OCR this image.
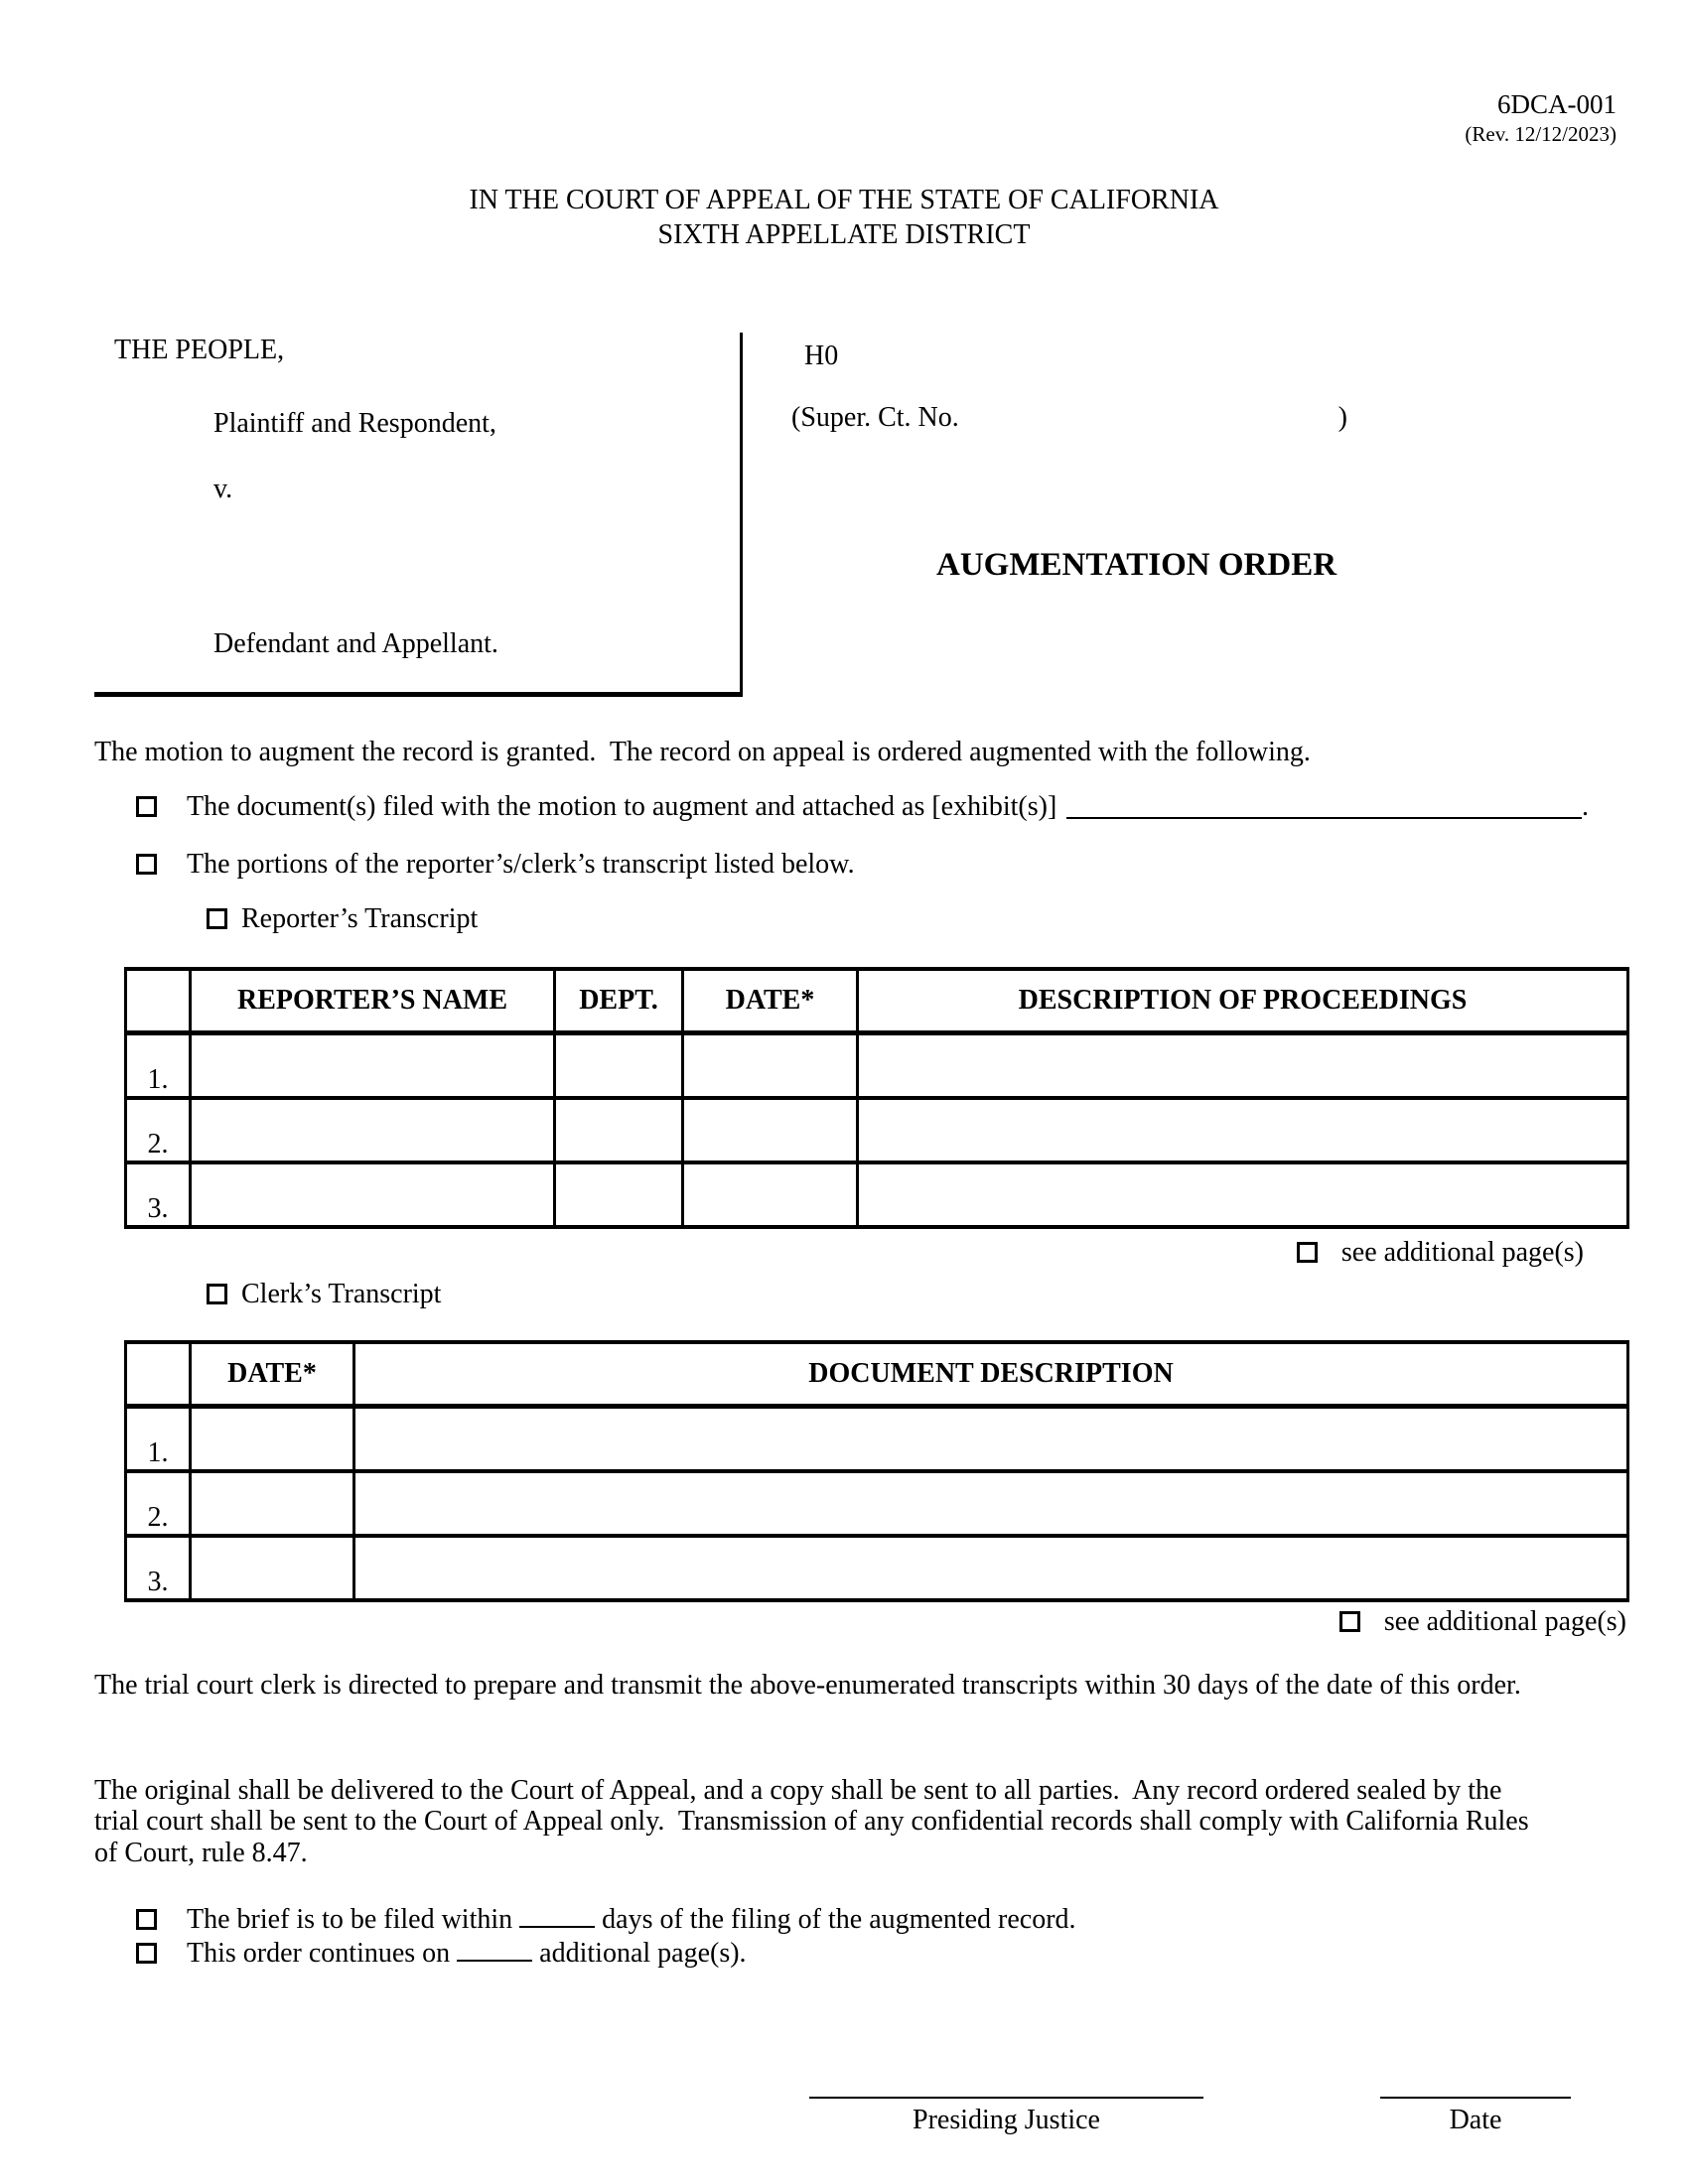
6DCA-001
(Rev. 12/12/2023)
IN THE COURT OF APPEAL OF THE STATE OF CALIFORNIA
SIXTH APPELLATE DISTRICT
THE PEOPLE,
Plaintiff and Respondent,
v.
Defendant and Appellant.
H0
(Super. Ct. No.	)
AUGMENTATION ORDER
The motion to augment the record is granted.  The record on appeal is ordered augmented with the following.
The document(s) filed with the motion to augment and attached as [exhibit(s)]	.
The portions of the reporter’s/clerk’s transcript listed below.
Reporter’s Transcript
	REPORTER’S NAME	DEPT.	DATE*	DESCRIPTION OF PROCEEDINGS
1.				
2.				
3.				
see additional page(s)
Clerk’s Transcript
	DATE*	DOCUMENT DESCRIPTION
1.		
2.		
3.		
see additional page(s)
The trial court clerk is directed to prepare and transmit the above-enumerated transcripts within 30 days of the date of this order.
The original shall be delivered to the Court of Appeal, and a copy shall be sent to all parties.  Any record ordered sealed by the trial court shall be sent to the Court of Appeal only.  Transmission of any confidential records shall comply with California Rules of Court, rule 8.47.
The brief is to be filed within	days of the filing of the augmented record.
This order continues on	additional page(s).
Presiding Justice	Date
